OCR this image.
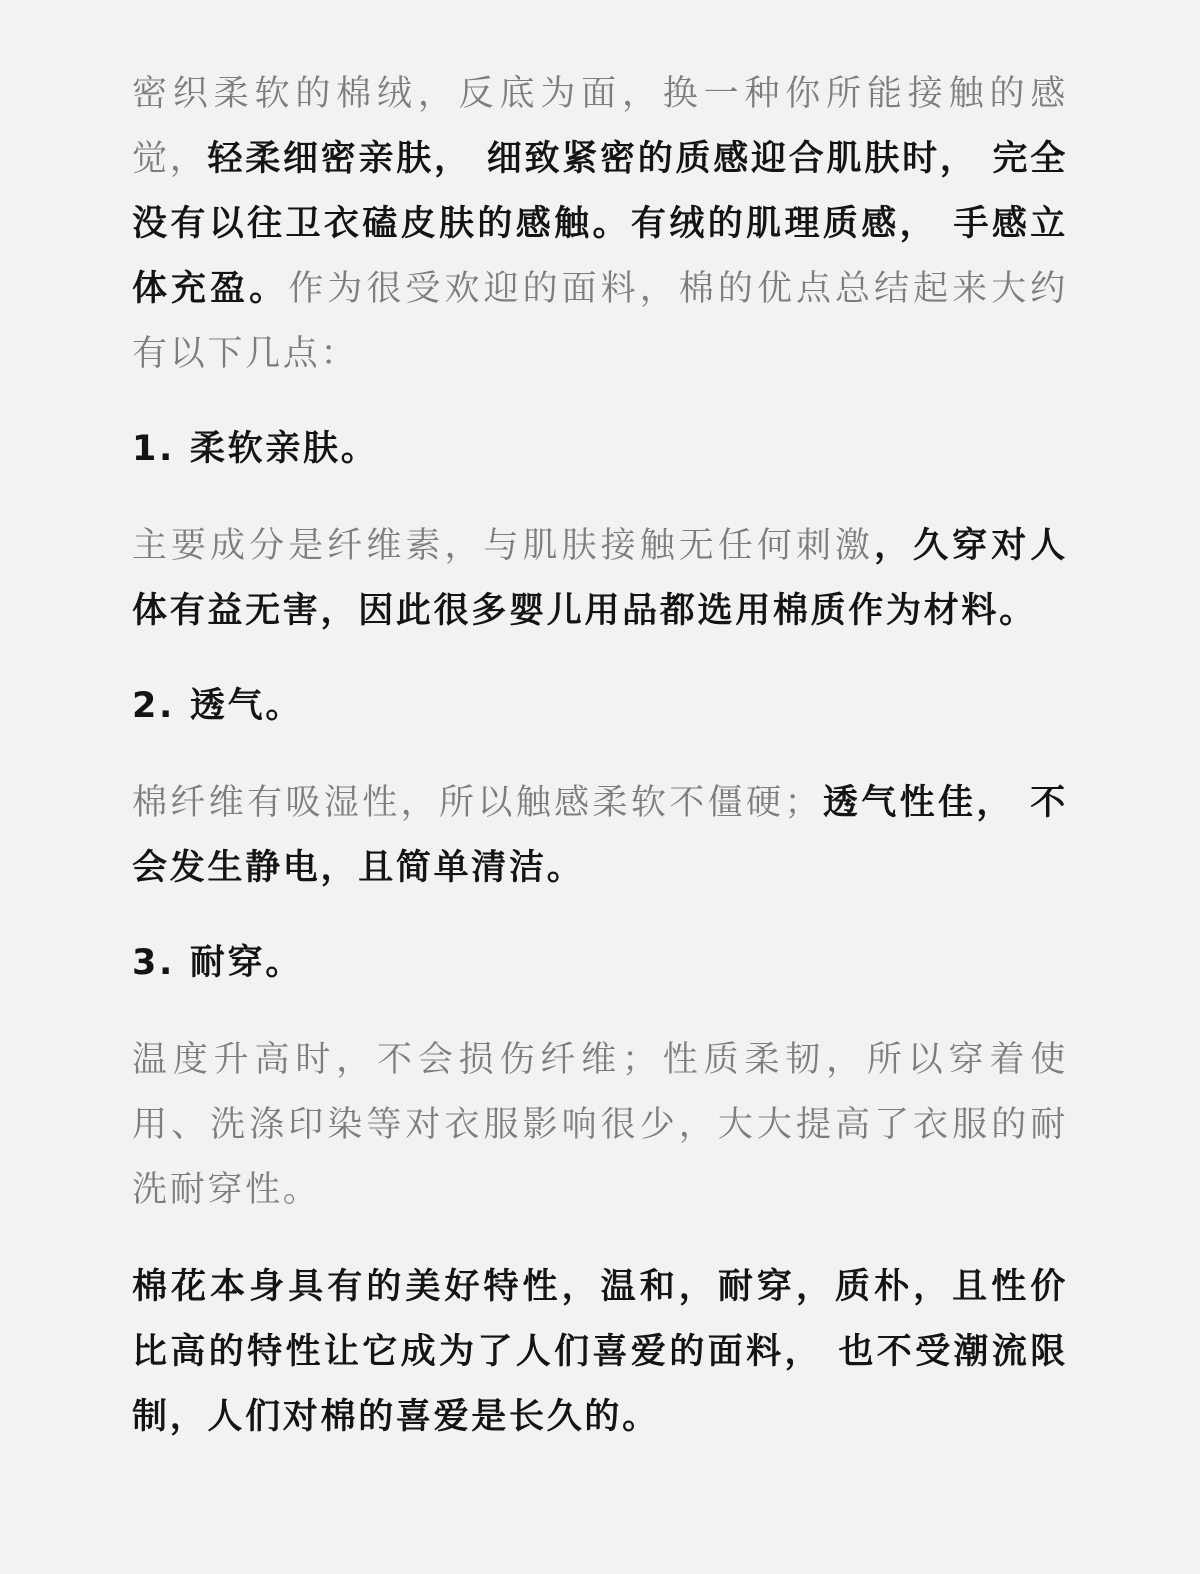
密织柔软的棉绒，反底为面，换一种你所能接触的感觉，轻柔细密亲肤， 细致紧密的质感迎合肌肤时， 完全没有以往卫衣磕皮肤的感触。有绒的肌理质感， 手感立体充盈。作为很受欢迎的面料，棉的优点总结起来大约有以下几点：

1. 柔软亲肤。

主要成分是纤维素，与肌肤接触无任何刺激，久穿对人体有益无害，因此很多婴儿用品都选用棉质作为材料。

2. 透气。

棉纤维有吸湿性，所以触感柔软不僵硬；透气性佳， 不会发生静电，且简单清洁。

3. 耐穿。

温度升高时，不会损伤纤维；性质柔韧，所以穿着使用、洗涤印染等对衣服影响很少，大大提高了衣服的耐洗耐穿性。

棉花本身具有的美好特性，温和，耐穿，质朴，且性价比高的特性让它成为了人们喜爱的面料， 也不受潮流限制，人们对棉的喜爱是长久的。
